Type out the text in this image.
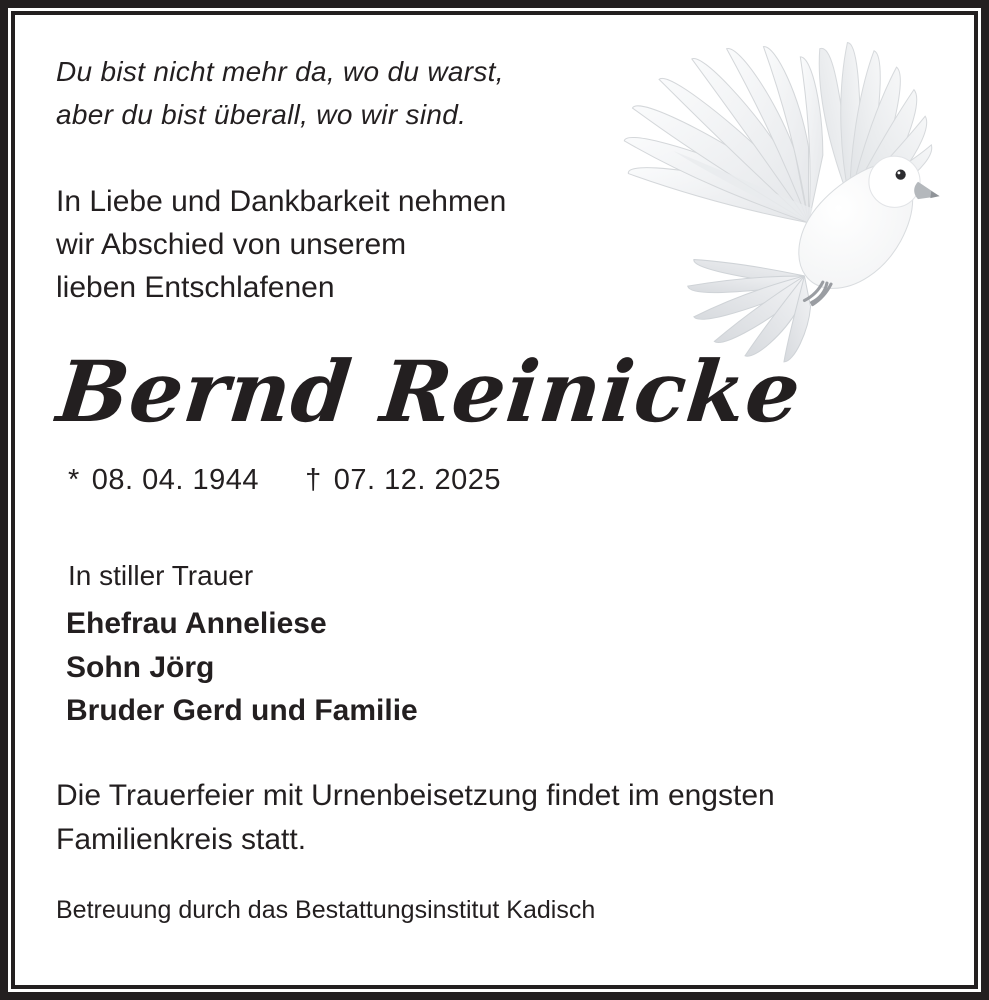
Du bist nicht mehr da, wo du warst,
aber du bist überall, wo wir sind.
In Liebe und Dankbarkeit nehmen
wir Abschied von unserem
lieben Entschlafenen
Bernd Reinicke
* 08. 04. 1944 † 07. 12. 2025
In stiller Trauer
Ehefrau Anneliese
Sohn Jörg
Bruder Gerd und Familie
Die Trauerfeier mit Urnenbeisetzung findet im engsten
Familienkreis statt.
Betreuung durch das Bestattungsinstitut Kadisch
